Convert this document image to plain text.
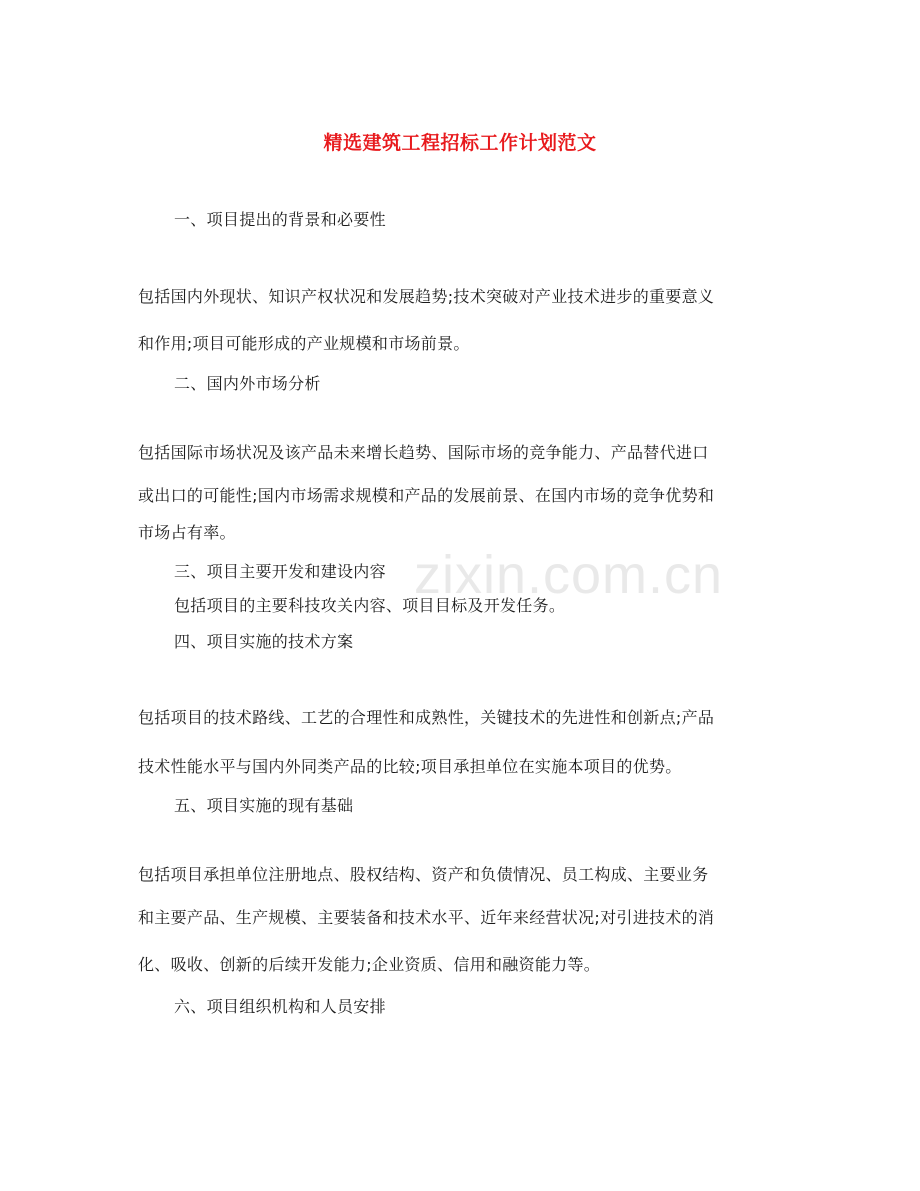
精选建筑工程招标工作计划范文
一、项目提出的背景和必要性
包括国内外现状、知识产权状况和发展趋势;技术突破对产业技术进步的重要意义
和作用;项目可能形成的产业规模和市场前景。
二、国内外市场分析
包括国际市场状况及该产品未来增长趋势、国际市场的竞争能力、产品替代进口
或出口的可能性;国内市场需求规模和产品的发展前景、在国内市场的竞争优势和
市场占有率。
三、项目主要开发和建设内容
包括项目的主要科技攻关内容、项目目标及开发任务。
四、项目实施的技术方案
包括项目的技术路线、工艺的合理性和成熟性，关键技术的先进性和创新点;产品
技术性能水平与国内外同类产品的比较;项目承担单位在实施本项目的优势。
五、项目实施的现有基础
包括项目承担单位注册地点、股权结构、资产和负债情况、员工构成、主要业务
和主要产品、生产规模、主要装备和技术水平、近年来经营状况;对引进技术的消
化、吸收、创新的后续开发能力;企业资质、信用和融资能力等。
六、项目组织机构和人员安排
zixin.com.cn
